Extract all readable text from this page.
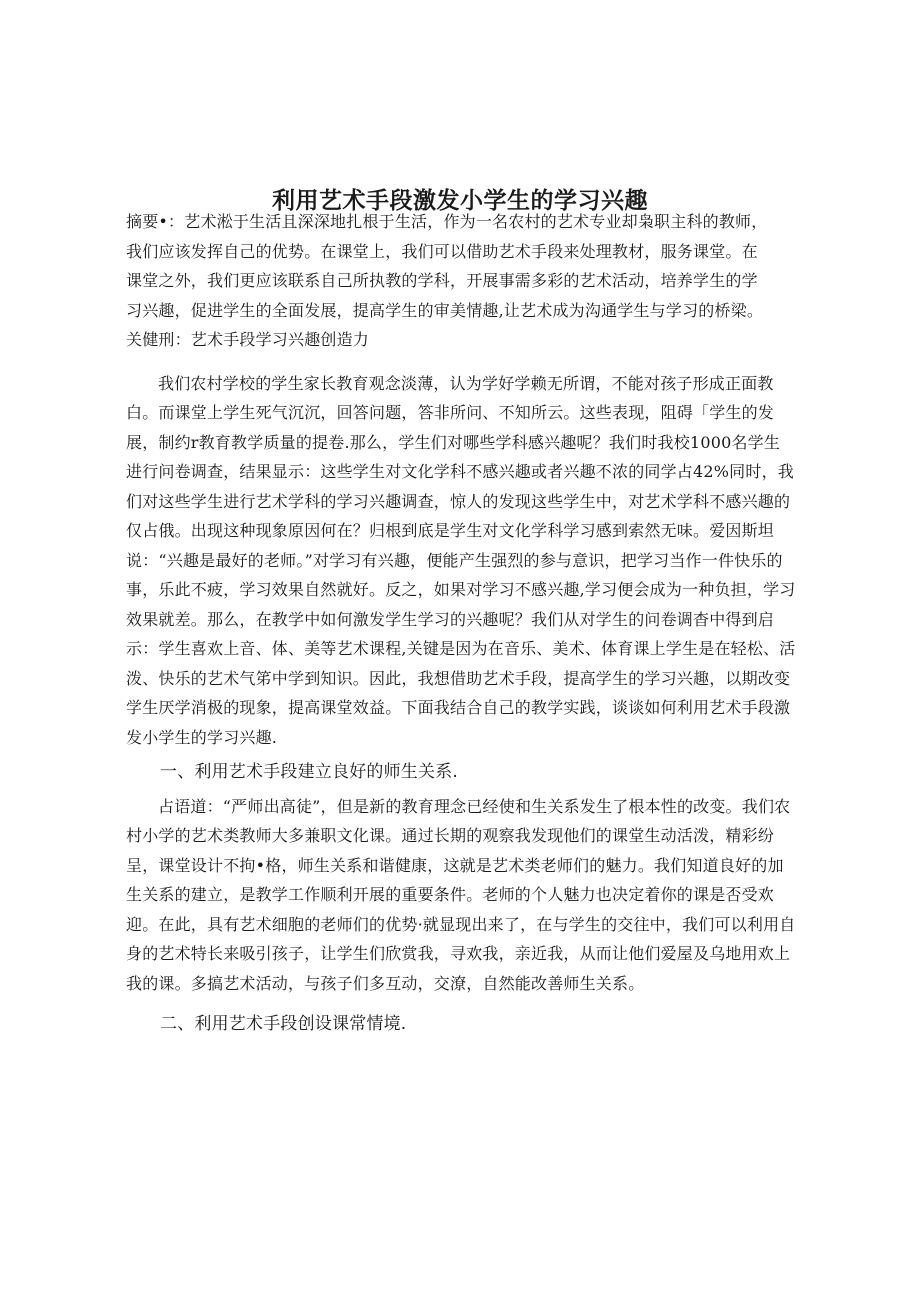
利用艺术手段激发小学生的学习兴趣

摘要•：艺术淞于生活且深深地扎根于生活，作为一名农村的艺术专业却枭职主科的教师，

我们应该发挥自己的优势。在课堂上，我们可以借助艺术手段来处理教材，服务课堂。在

课堂之外，我们更应该联系自己所执教的学科，开展事需多彩的艺术活动，培养学生的学

习兴趣，促进学生的全面发展，提高学生的审美情趣,让艺术成为沟通学生与学习的桥梁。

关健刑：艺术手段学习兴趣创造力

我们农村学校的学生家长教育观念淡薄，认为学好学赖无所谓，不能对孩子形成正面教白。而课堂上学生死气沉沉，回答问题，答非所问、不知所云。这些表现，阻碍「学生的发展，制约r教育教学质量的提卷.那么，学生们对哪些学科感兴趣呢？我们时我校1000名学生进行问卷调查，结果显示：这些学生对文化学科不感兴趣或者兴趣不浓的同学占42%同时，我们对这些学生进行艺术学科的学习兴趣调查，惊人的发现这些学生中，对艺术学科不感兴趣的仅占俄。出现这种现象原因何在？归根到底是学生对文化学科学习感到索然无味。爱因斯坦说：“兴趣是最好的老师。”对学习有兴趣，便能产生强烈的参与意识，把学习当作一件快乐的事，乐此不疲，学习效果自然就好。反之，如果对学习不感兴趣,学习便会成为一种负担，学习效果就差。那么，在教学中如何激发学生学习的兴趣呢？我们从对学生的问卷调杳中得到启示：学生喜欢上音、体、美等艺术课程,关键是因为在音乐、美术、体育课上学生是在轻松、活泼、快乐的艺术气笫中学到知识。因此，我想借助艺术手段，提高学生的学习兴趣，以期改变学生厌学消极的现象，提高课堂效益。下面我结合自己的教学实践，谈谈如何利用艺术手段激发小学生的学习兴趣.

一、利用艺术手段建立良好的师生关系.

占语道：“严师出高徒”，但是新的教育理念已经使和生关系发生了根本性的改变。我们农村小学的艺术类教师大多兼职文化课。通过长期的观察我发现他们的课堂生动活泼，精彩纷呈，课堂设计不拘•格，师生关系和谐健康，这就是艺术类老师们的魅力。我们知道良好的加生关系的建立，是教学工作顺利开展的重要条件。老师的个人魅力也决定着你的课是否受欢迎。在此，具有艺术细胞的老师们的优势·就显现出来了，在与学生的交往中，我们可以利用自身的艺术特长来吸引孩子，让学生们欣赏我，寻欢我，亲近我，从而让他们爱屋及乌地用欢上我的课。多搞艺术活动，与孩子们多互动，交潦，自然能改善师生关系。

二、利用艺术手段创设课常情境.
